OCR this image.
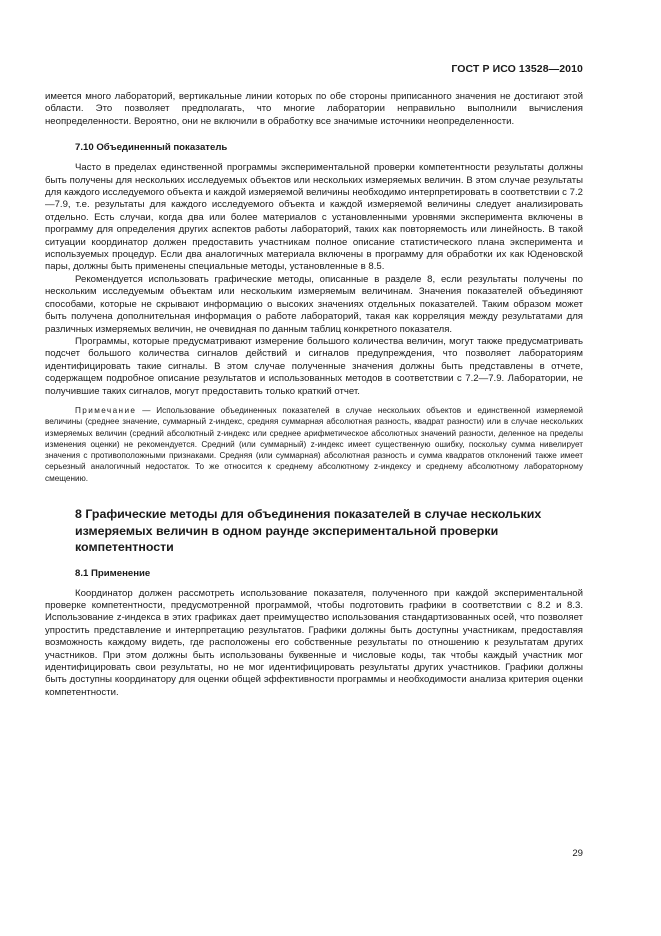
ГОСТ Р ИСО 13528—2010

имеется много лабораторий, вертикальные линии которых по обе стороны приписанного значения не достигают этой области. Это позволяет предполагать, что многие лаборатории неправильно выполнили вычисления неопределенности. Вероятно, они не включили в обработку все значимые источники неопределенности.

7.10 Объединенный показатель

Часто в пределах единственной программы экспериментальной проверки компетентности результаты должны быть получены для нескольких исследуемых объектов или нескольких измеряемых величин. В этом случае результаты для каждого исследуемого объекта и каждой измеряемой величины необходимо интерпретировать в соответствии с 7.2—7.9, т.е. результаты для каждого исследуемого объекта и каждой измеряемой величины следует анализировать отдельно. Есть случаи, когда два или более материалов с установленными уровнями эксперимента включены в программу для определения других аспектов работы лабораторий, таких как повторяемость или линейность. В такой ситуации координатор должен предоставить участникам полное описание статистического плана эксперимента и используемых процедур. Если два аналогичных материала включены в программу для обработки их как Юденовской пары, должны быть применены специальные методы, установленные в 8.5.

Рекомендуется использовать графические методы, описанные в разделе 8, если результаты получены по нескольким исследуемым объектам или нескольким измеряемым величинам. Значения показателей объединяют способами, которые не скрывают информацию о высоких значениях отдельных показателей. Таким образом может быть получена дополнительная информация о работе лабораторий, такая как корреляция между результатами для различных измеряемых величин, не очевидная по данным таблиц конкретного показателя.

Программы, которые предусматривают измерение большого количества величин, могут также предусматривать подсчет большого количества сигналов действий и сигналов предупреждения, что позволяет лабораториям идентифицировать такие сигналы. В этом случае полученные значения должны быть представлены в отчете, содержащем подробное описание результатов и использованных методов в соответствии с 7.2—7.9. Лаборатории, не получившие таких сигналов, могут предоставить только краткий отчет.

Примечание — Использование объединенных показателей в случае нескольких объектов и единственной измеряемой величины (среднее значение, суммарный z-индекс, средняя суммарная абсолютная разность, квадрат разности) или в случае нескольких измеряемых величин (средний абсолютный z-индекс или среднее арифметическое абсолютных значений разности, деленное на пределы изменения оценки) не рекомендуется. Средний (или суммарный) z-индекс имеет существенную ошибку, поскольку сумма нивелирует значения с противоположными признаками. Средняя (или суммарная) абсолютная разность и сумма квадратов отклонений также имеет серьезный аналогичный недостаток. То же относится к среднему абсолютному z-индексу и среднему абсолютному лабораторному смещению.

8 Графические методы для объединения показателей в случае нескольких измеряемых величин в одном раунде экспериментальной проверки компетентности
8.1 Применение

Координатор должен рассмотреть использование показателя, полученного при каждой экспериментальной проверке компетентности, предусмотренной программой, чтобы подготовить графики в соответствии с 8.2 и 8.3. Использование z-индекса в этих графиках дает преимущество использования стандартизованных осей, что позволяет упростить представление и интерпретацию результатов. Графики должны быть доступны участникам, предоставляя возможность каждому видеть, где расположены его собственные результаты по отношению к результатам других участников. При этом должны быть использованы буквенные и числовые коды, так чтобы каждый участник мог идентифицировать свои результаты, но не мог идентифицировать результаты других участников. Графики должны быть доступны координатору для оценки общей эффективности программы и необходимости анализа критерия оценки компетентности.

29
